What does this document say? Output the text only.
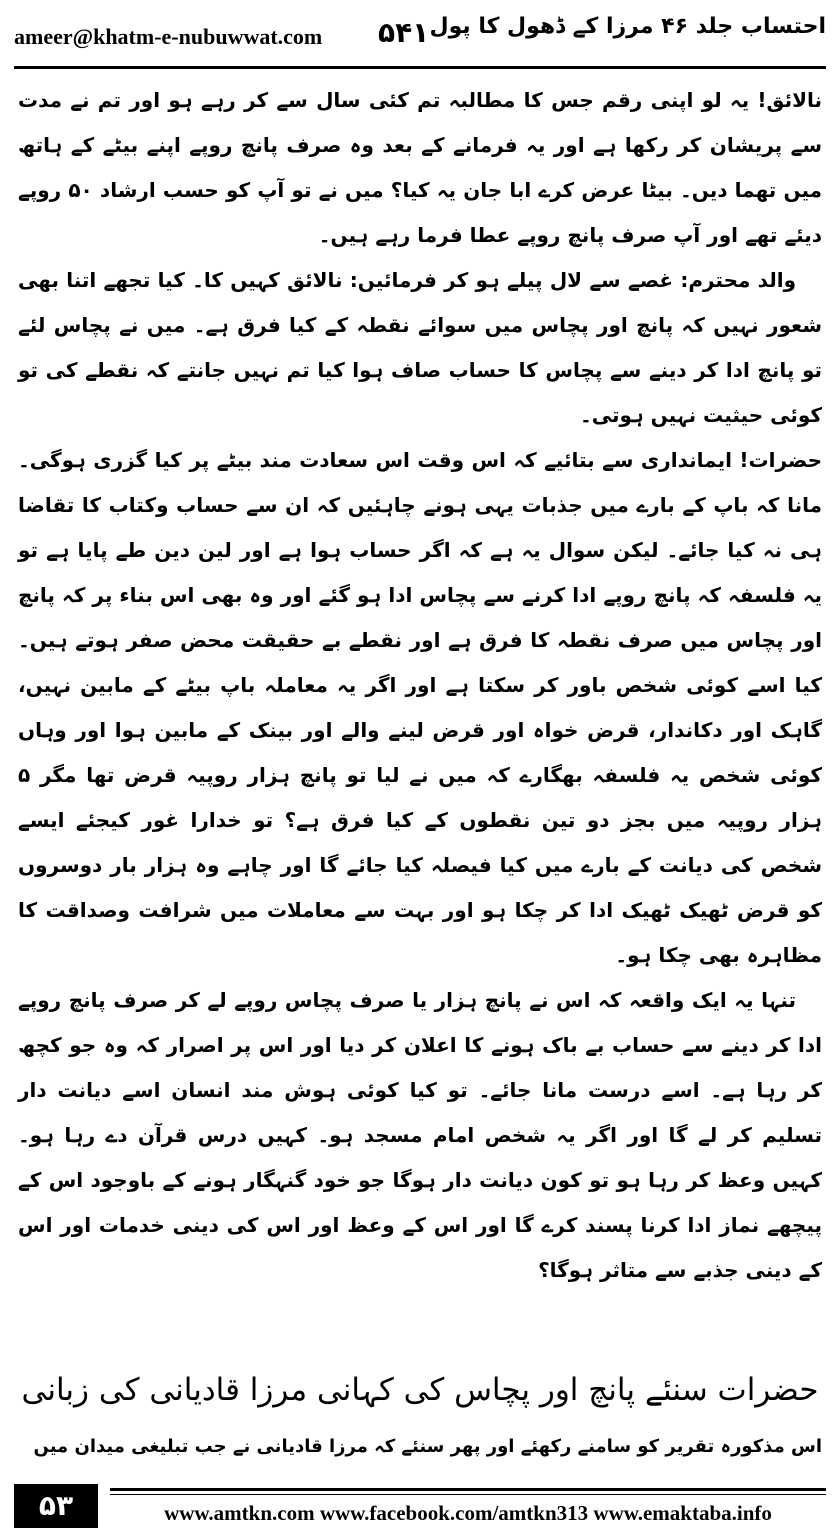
ameer@khatm-e-nubuwwat.com ۵۴۱ احتساب جلد ۴۶ مرزا کے ڈھول کا پول

نالائق! یہ لو اپنی رقم جس کا مطالبہ تم کئی سال سے کر رہے ہو اور تم نے مدت سے پریشان کر رکھا ہے اور یہ فرمانے کے بعد وہ صرف پانچ روپے اپنے بیٹے کے ہاتھ میں تھما دیں۔ بیٹا عرض کرے ابا جان یہ کیا؟ میں نے تو آپ کو حسب ارشاد ۵۰ روپے دیئے تھے اور آپ صرف پانچ روپے عطا فرما رہے ہیں۔

والد محترم: غصے سے لال پیلے ہو کر فرمائیں: نالائق کہیں کا۔ کیا تجھے اتنا بھی شعور نہیں کہ پانچ اور پچاس میں سوائے نقطہ کے کیا فرق ہے۔ میں نے پچاس لئے تو پانچ ادا کر دینے سے پچاس کا حساب صاف ہوا کیا تم نہیں جانتے کہ نقطے کی تو کوئی حیثیت نہیں ہوتی۔

حضرات! ایمانداری سے بتائیے کہ اس وقت اس سعادت مند بیٹے پر کیا گزری ہوگی۔ مانا کہ باپ کے بارے میں جذبات یہی ہونے چاہئیں کہ ان سے حساب وکتاب کا تقاضا ہی نہ کیا جائے۔ لیکن سوال یہ ہے کہ اگر حساب ہوا ہے اور لین دین طے پایا ہے تو یہ فلسفہ کہ پانچ روپے ادا کرنے سے پچاس ادا ہو گئے اور وہ بھی اس بناء پر کہ پانچ اور پچاس میں صرف نقطہ کا فرق ہے اور نقطے بے حقیقت محض صفر ہوتے ہیں۔ کیا اسے کوئی شخص باور کر سکتا ہے اور اگر یہ معاملہ باپ بیٹے کے مابین نہیں، گاہک اور دکاندار، قرض خواہ اور قرض لینے والے اور بینک کے مابین ہوا اور وہاں کوئی شخص یہ فلسفہ بھگارے کہ میں نے لیا تو پانچ ہزار روپیہ قرض تھا مگر ۵ ہزار روپیہ میں بجز دو تین نقطوں کے کیا فرق ہے؟ تو خدارا غور کیجئے ایسے شخص کی دیانت کے بارے میں کیا فیصلہ کیا جائے گا اور چاہے وہ ہزار بار دوسروں کو قرض ٹھیک ٹھیک ادا کر چکا ہو اور بہت سے معاملات میں شرافت وصداقت کا مظاہرہ بھی چکا ہو۔

تنہا یہ ایک واقعہ کہ اس نے پانچ ہزار یا صرف پچاس روپے لے کر صرف پانچ روپے ادا کر دینے سے حساب بے باک ہونے کا اعلان کر دیا اور اس پر اصرار کہ وہ جو کچھ کر رہا ہے۔ اسے درست مانا جائے۔ تو کیا کوئی ہوش مند انسان اسے دیانت دار تسلیم کر لے گا اور اگر یہ شخص امام مسجد ہو۔ کہیں درس قرآن دے رہا ہو۔ کہیں وعظ کر رہا ہو تو کون دیانت دار ہوگا جو خود گنہگار ہونے کے باوجود اس کے پیچھے نماز ادا کرنا پسند کرے گا اور اس کے وعظ اور اس کی دینی خدمات اور اس کے دینی جذبے سے متاثر ہوگا؟

حضرات سنئے پانچ اور پچاس کی کہانی مرزا قادیانی کی زبانی
اس مذکورہ تقریر کو سامنے رکھئے اور پھر سنئے کہ مرزا قادیانی نے جب تبلیغی میدان میں
۵۳	www.amtkn.com www.facebook.com/amtkn313 www.emaktaba.info
